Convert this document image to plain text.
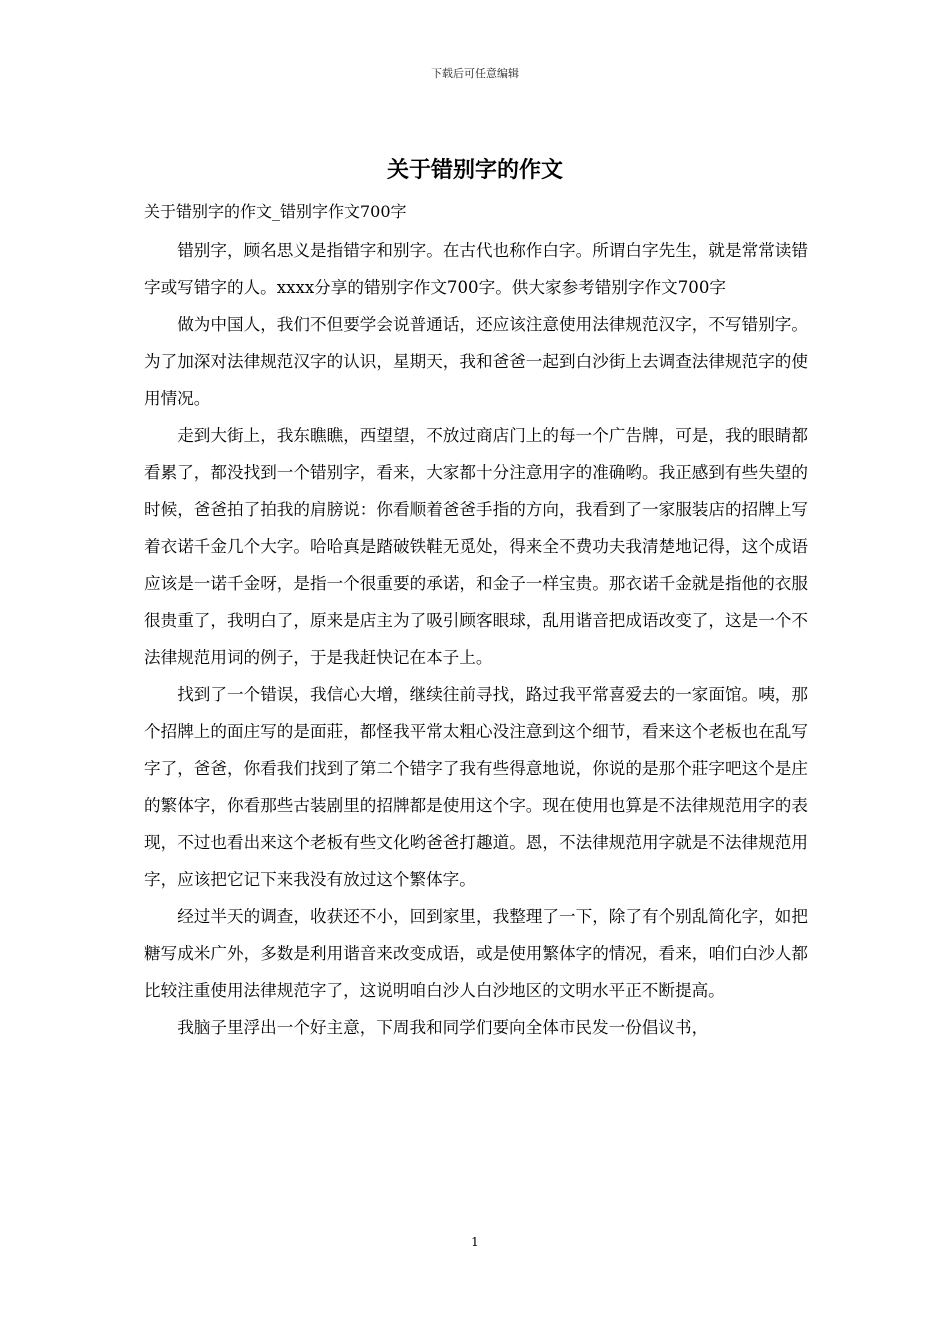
下载后可任意编辑
关于错别字的作文
关于错别字的作文_错别字作文700字

错别字，顾名思义是指错字和别字。在古代也称作白字。所谓白字先生，就是常常读错字或写错字的人。xxxx分享的错别字作文700字。供大家参考错别字作文700字

做为中国人，我们不但要学会说普通话，还应该注意使用法律规范汉字，不写错别字。为了加深对法律规范汉字的认识，星期天，我和爸爸一起到白沙街上去调查法律规范字的使用情况。

走到大街上，我东瞧瞧，西望望，不放过商店门上的每一个广告牌，可是，我的眼睛都看累了，都没找到一个错别字，看来，大家都十分注意用字的准确哟。我正感到有些失望的时候，爸爸拍了拍我的肩膀说：你看顺着爸爸手指的方向，我看到了一家服装店的招牌上写着衣诺千金几个大字。哈哈真是踏破铁鞋无觅处，得来全不费功夫我清楚地记得，这个成语应该是一诺千金呀，是指一个很重要的承诺，和金子一样宝贵。那衣诺千金就是指他的衣服很贵重了，我明白了，原来是店主为了吸引顾客眼球，乱用谐音把成语改变了，这是一个不法律规范用词的例子，于是我赶快记在本子上。

找到了一个错误，我信心大增，继续往前寻找，路过我平常喜爱去的一家面馆。咦，那个招牌上的面庄写的是面莊，都怪我平常太粗心没注意到这个细节，看来这个老板也在乱写字了，爸爸，你看我们找到了第二个错字了我有些得意地说，你说的是那个莊字吧这个是庄的繁体字，你看那些古装剧里的招牌都是使用这个字。现在使用也算是不法律规范用字的表现，不过也看出来这个老板有些文化哟爸爸打趣道。恩，不法律规范用字就是不法律规范用字，应该把它记下来我没有放过这个繁体字。

经过半天的调查，收获还不小，回到家里，我整理了一下，除了有个别乱简化字，如把糖写成米广外，多数是利用谐音来改变成语，或是使用繁体字的情况，看来，咱们白沙人都比较注重使用法律规范字了，这说明咱白沙人白沙地区的文明水平正不断提高。

我脑子里浮出一个好主意，下周我和同学们要向全体市民发一份倡议书，

1
